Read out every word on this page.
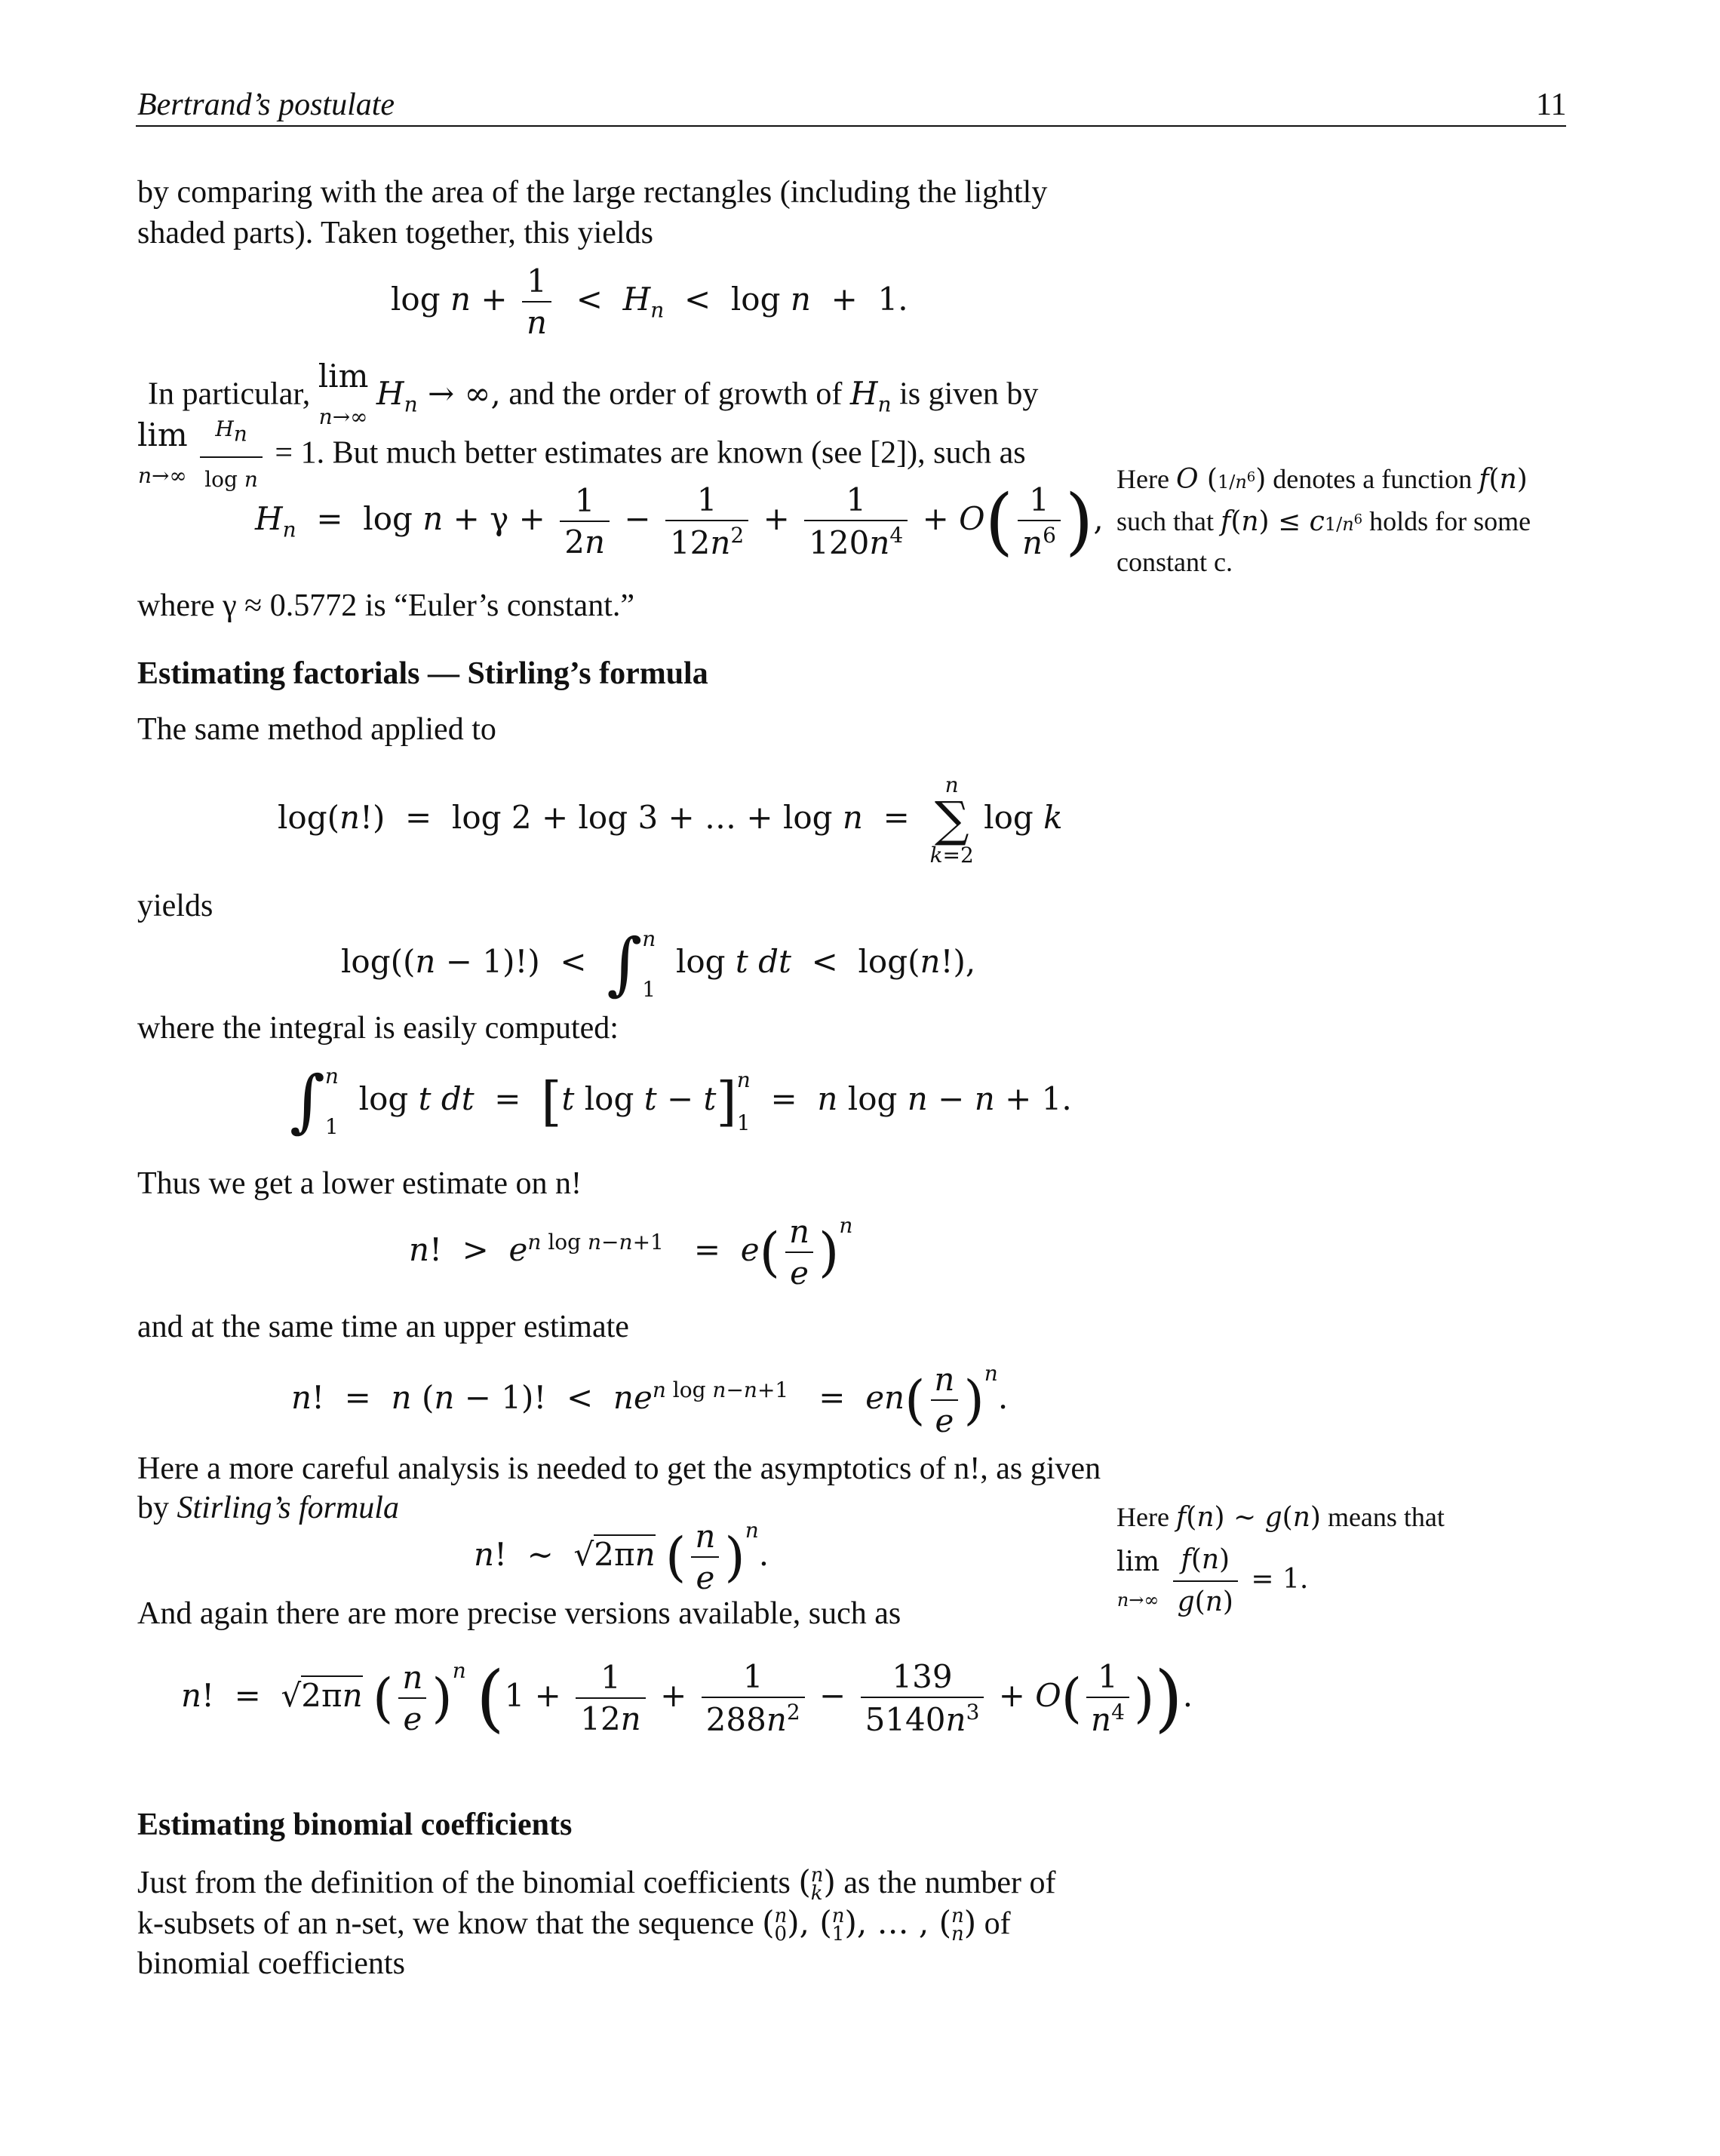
Bertrand’s postulate	11
by comparing with the area of the large rectangles (including the lightly shaded parts). Taken together, this yields
$\log n + \frac{1}{n} < H_n < \log n + 1$.
In particular, lim
n→∞
$H_n$ → ∞, and the order of growth of $H_n$ is given by
lim
n→∞
$\frac{Hn}{\text{log n}} = 1$. But much better estimates are known (see [2]), such as
$H_n = \log n + \gamma + \frac{1}{2n} - \frac{1}{12n^2} + \frac{1}{120n^4} + O( \frac{1}{n^6}$ ),
where γ ≈ 0.5772 is “Euler’s constant.”
Estimating factorials — Stirling’s formula
The same method applied to
log(n!)  =  log 2 + log 3 + … + log n  =
n
∑
k=2
log k
yields
log((n − 1)!)  < ∫ n
1
log t dt  <  log(n!),
where the integral is easily computed:
∫ n
1
log t dt  =  [t log t − t] n
1
=  n log n − n + 1.
Thus we get a lower estimate on n!
n!  >  $e^{n log n-n+1} = e( \frac{n}{e} )^n$
and at the same time an upper estimate
n!  =  n (n − 1)!  <  $ne^{n log n-n+1} = en( \frac{n}{e} )^n$.
Here a more careful analysis is needed to get the asymptotics of n!, as given
by Stirling’s formula
n!  ∼  √2πn ( $\frac{n}{e} )^n$.
And again there are more precise versions available, such as
n!  =  √2πn ( $\frac{n}{e} )^n$ ($1 + \frac{1}{12n} + \frac{1}{288n^2} - \frac{139}{5140n^3} + O( \frac{1}{n^4}$ )).
Estimating binomial coefficients
Just from the definition of the binomial coefficients ( n
k ) as the number of
k-subsets of an n-set, we know that the sequence ( n
0 ), ( n
1 ), … , ( n
n ) of
binomial coefficients
Here O $(1/n^6)$ denotes a function f(n)
such that $f(n) \le c1/n^6$ holds for some
constant c.
Here f(n) ∼ g(n) means that
lim
n→∞
$\frac{f(n)}{g(n)} = 1$.
